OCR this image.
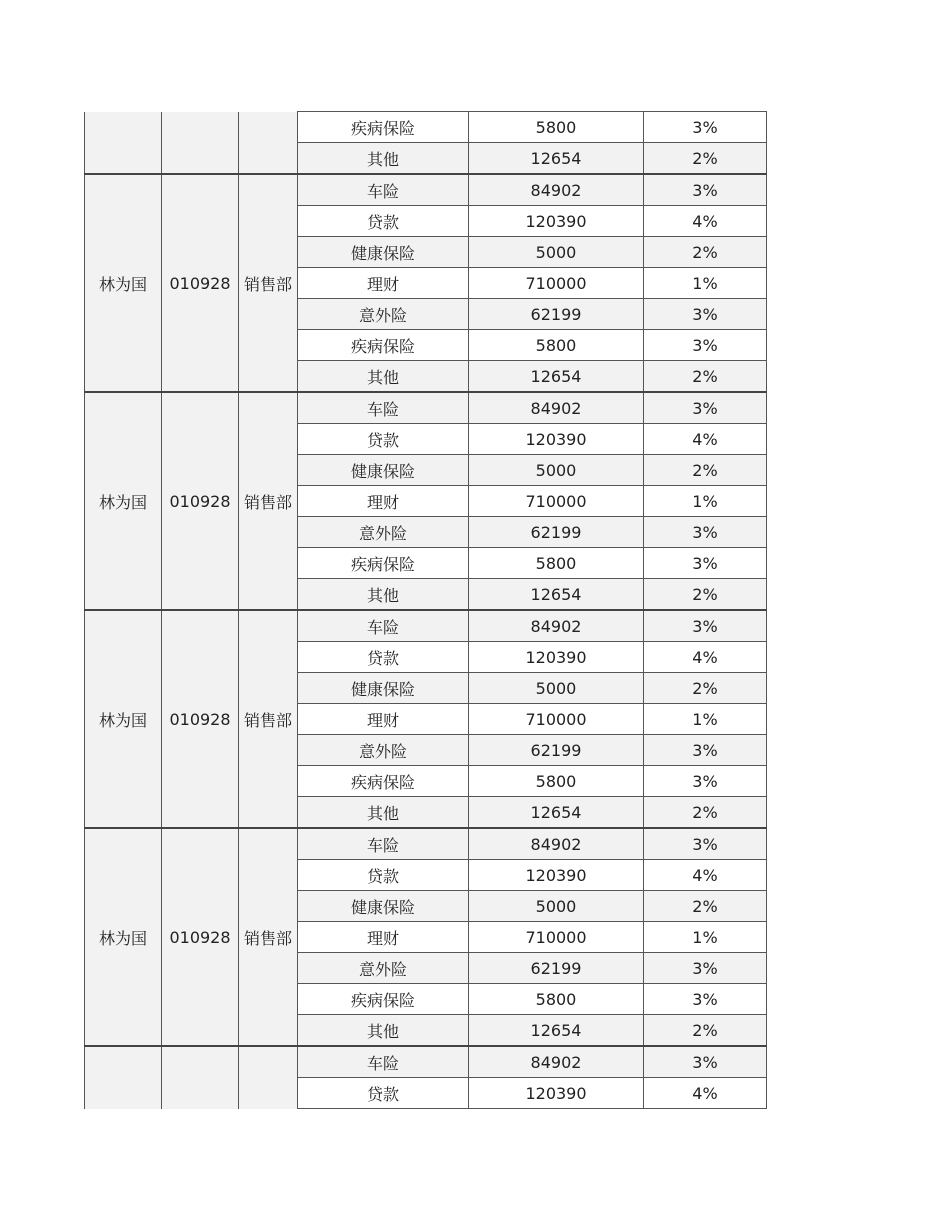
			疾病保险	5800	3%
			其他	12654	2%
林为国	010928	销售部	车险	84902	3%
			贷款	120390	4%
			健康保险	5000	2%
			理财	710000	1%
			意外险	62199	3%
			疾病保险	5800	3%
			其他	12654	2%
林为国	010928	销售部	车险	84902	3%
			贷款	120390	4%
			健康保险	5000	2%
			理财	710000	1%
			意外险	62199	3%
			疾病保险	5800	3%
			其他	12654	2%
林为国	010928	销售部	车险	84902	3%
			贷款	120390	4%
			健康保险	5000	2%
			理财	710000	1%
			意外险	62199	3%
			疾病保险	5800	3%
			其他	12654	2%
林为国	010928	销售部	车险	84902	3%
			贷款	120390	4%
			健康保险	5000	2%
			理财	710000	1%
			意外险	62199	3%
			疾病保险	5800	3%
			其他	12654	2%
			车险	84902	3%
			贷款	120390	4%
